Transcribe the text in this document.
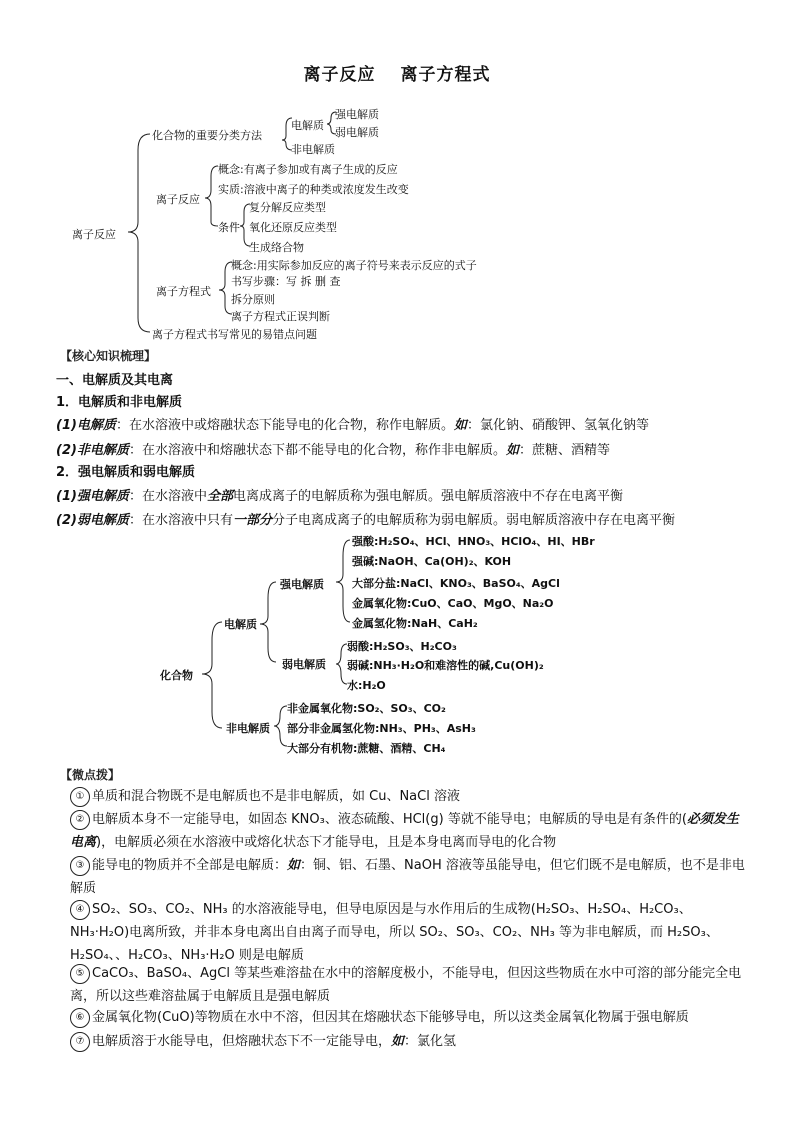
离子反应　 离子方程式
离子反应
化合物的重要分类方法
电解质
强电解质
弱电解质
非电解质
离子反应
概念:有离子参加或有离子生成的反应
实质:溶液中离子的种类或浓度发生改变
条件
复分解反应类型
氧化还原反应类型
生成络合物
离子方程式
概念:用实际参加反应的离子符号来表示反应的式子
书写步骤：写 拆 删 查
拆分原则
离子方程式正误判断
离子方程式书写常见的易错点问题
【核心知识梳理】
一、电解质及其电离
1．电解质和非电解质
(1)电解质：在水溶液中或熔融状态下能导电的化合物，称作电解质。如：氯化钠、硝酸钾、氢氧化钠等
(2)非电解质：在水溶液中和熔融状态下都不能导电的化合物，称作非电解质。如：蔗糖、酒精等
2．强电解质和弱电解质
(1)强电解质：在水溶液中全部电离成离子的电解质称为强电解质。强电解质溶液中不存在电离平衡
(2)弱电解质：在水溶液中只有一部分分子电离成离子的电解质称为弱电解质。弱电解质溶液中存在电离平衡
化合物
电解质
强电解质
强酸:H₂SO₄、HCl、HNO₃、HClO₄、HI、HBr
强碱:NaOH、Ca(OH)₂、KOH
大部分盐:NaCl、KNO₃、BaSO₄、AgCl
金属氧化物:CuO、CaO、MgO、Na₂O
金属氢化物:NaH、CaH₂
弱电解质
弱酸:H₂SO₃、H₂CO₃
弱碱:NH₃·H₂O和难溶性的碱,Cu(OH)₂
水:H₂O
非电解质
非金属氧化物:SO₂、SO₃、CO₂
部分非金属氢化物:NH₃、PH₃、AsH₃
大部分有机物:蔗糖、酒精、CH₄
【微点拨】
① 单质和混合物既不是电解质也不是非电解质，如 Cu、NaCl 溶液
② 电解质本身不一定能导电，如固态 KNO₃、液态硫酸、HCl(g) 等就不能导电；电解质的导电是有条件的(必须发生电离)，电解质必须在水溶液中或熔化状态下才能导电，且是本身电离而导电的化合物
③ 能导电的物质并不全部是电解质：如：铜、铝、石墨、NaOH 溶液等虽能导电，但它们既不是电解质，也不是非电解质
④ SO₂、SO₃、CO₂、NH₃ 的水溶液能导电，但导电原因是与水作用后的生成物(H₂SO₃、H₂SO₄、H₂CO₃、NH₃·H₂O)电离所致，并非本身电离出自由离子而导电，所以 SO₂、SO₃、CO₂、NH₃ 等为非电解质，而 H₂SO₃、H₂SO₄、、H₂CO₃、NH₃·H₂O 则是电解质
⑤ CaCO₃、BaSO₄、AgCl 等某些难溶盐在水中的溶解度极小，不能导电，但因这些物质在水中可溶的部分能完全电离，所以这些难溶盐属于电解质且是强电解质
⑥ 金属氧化物(CuO)等物质在水中不溶，但因其在熔融状态下能够导电，所以这类金属氧化物属于强电解质
⑦ 电解质溶于水能导电，但熔融状态下不一定能导电，如：氯化氢
